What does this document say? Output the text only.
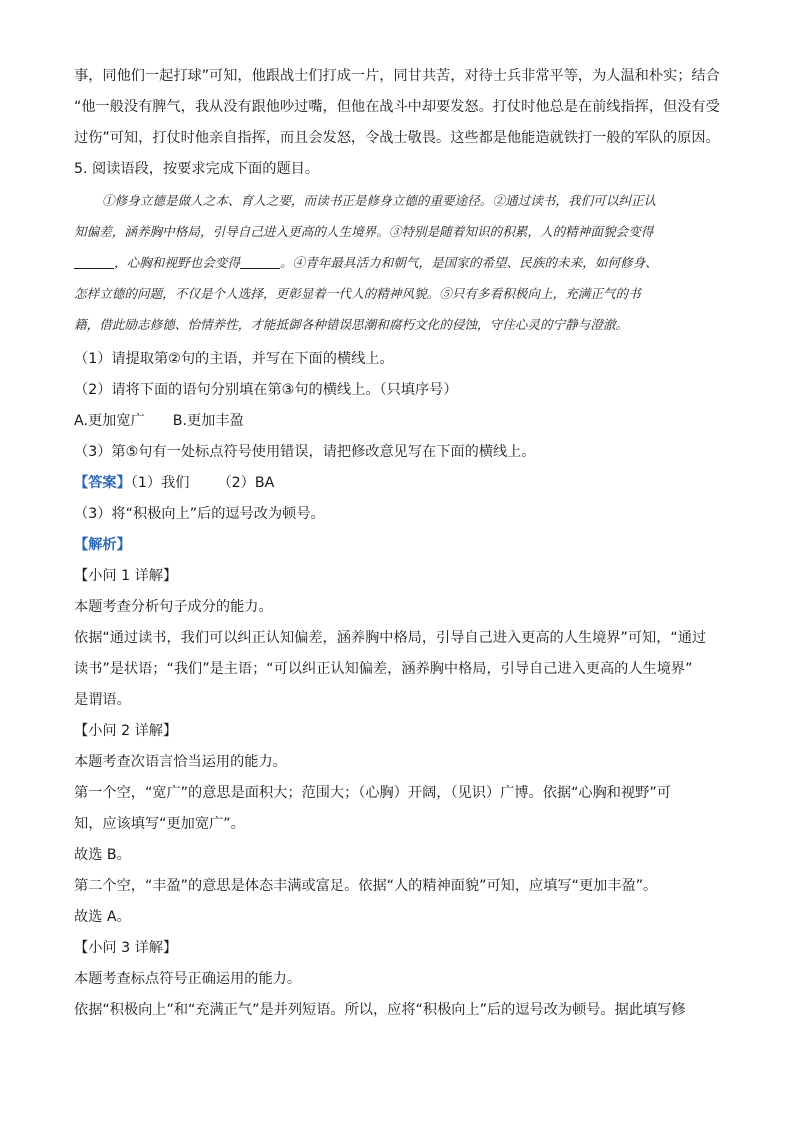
事，同他们一起打球”可知，他跟战士们打成一片，同甘共苦，对待士兵非常平等，为人温和朴实；结合
“他一般没有脾气，我从没有跟他吵过嘴，但他在战斗中却要发怒。打仗时他总是在前线指挥，但没有受
过伤”可知，打仗时他亲自指挥，而且会发怒，令战士敬畏。这些都是他能造就铁打一般的军队的原因。
5. 阅读语段，按要求完成下面的题目。
①修身立德是做人之本、育人之要，而读书正是修身立德的重要途径。②通过读书，我们可以纠正认
知偏差，涵养胸中格局，引导自己进入更高的人生境界。③特别是随着知识的积累，人的精神面貌会变得
，心胸和视野也会变得	。④青年最具活力和朝气，是国家的希望、民族的未来，如何修身、
怎样立德的问题，不仅是个人选择，更彰显着一代人的精神风貌。⑤只有多看积极向上，充满正气的书
籍，借此励志修德、怡情养性，才能抵御各种错误思潮和腐朽文化的侵蚀，守住心灵的宁静与澄澈。
（1）请提取第②句的主语，并写在下面的横线上。
（2）请将下面的语句分别填在第③句的横线上。（只填序号）
A.更加宽广 B.更加丰盈
（3）第⑤句有一处标点符号使用错误，请把修改意见写在下面的横线上。
【答案】（1）我们 （2）BA
（3）将“积极向上”后的逗号改为顿号。
【解析】
【小问 1 详解】
本题考查分析句子成分的能力。
依据“通过读书，我们可以纠正认知偏差，涵养胸中格局，引导自己进入更高的人生境界”可知，“通过
读书”是状语；“我们”是主语；“可以纠正认知偏差，涵养胸中格局，引导自己进入更高的人生境界”
是谓语。
【小问 2 详解】
本题考查次语言恰当运用的能力。
第一个空，“宽广”的意思是面积大；范围大；（心胸）开阔，（见识）广博。依据“心胸和视野”可
知，应该填写“更加宽广”。
故选 B。
第二个空，“丰盈”的意思是体态丰满或富足。依据“人的精神面貌”可知，应填写“更加丰盈”。
故选 A。
【小问 3 详解】
本题考查标点符号正确运用的能力。
依据“积极向上”和“充满正气”是并列短语。所以，应将“积极向上”后的逗号改为顿号。据此填写修
